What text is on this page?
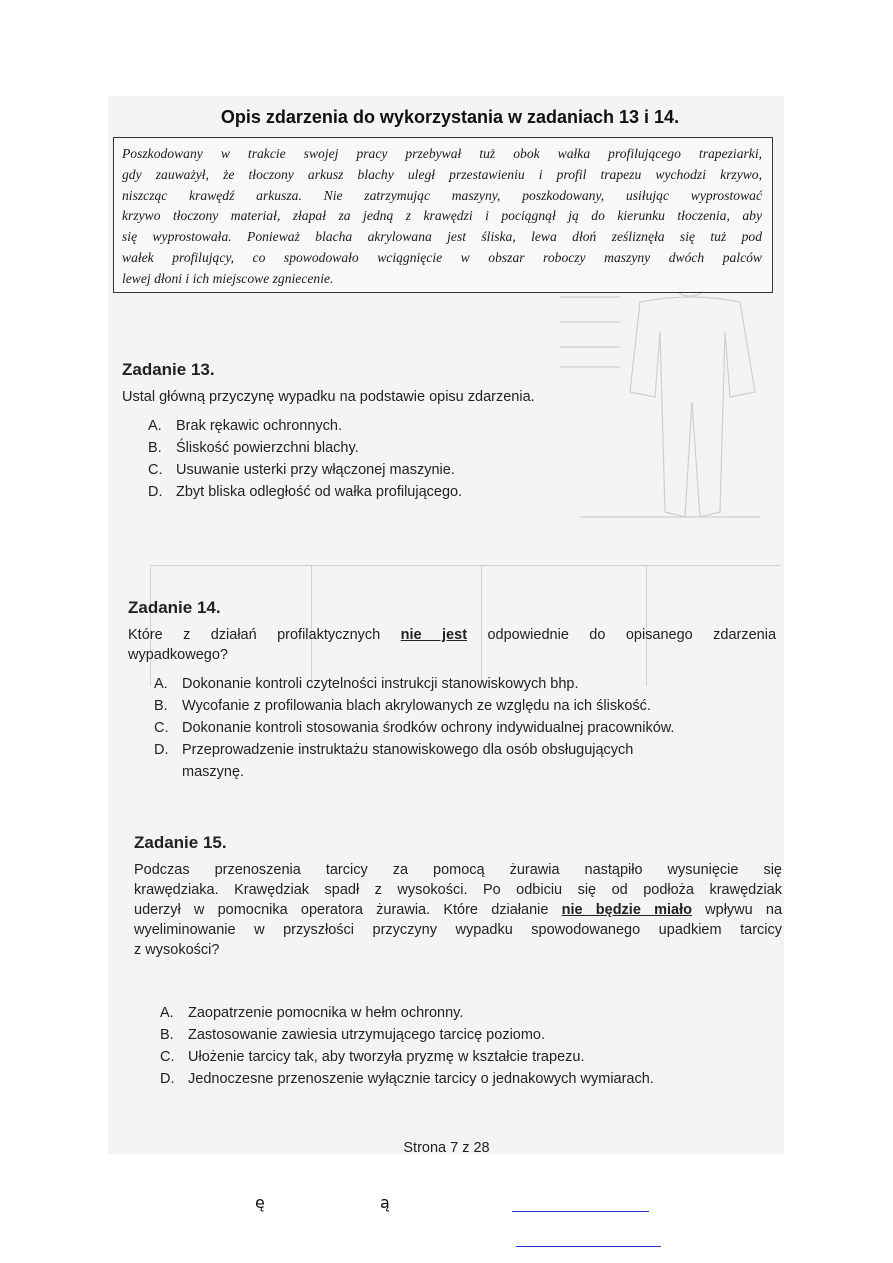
Opis zdarzenia do wykorzystania w zadaniach 13 i 14.
Poszkodowany w trakcie swojej pracy przebywał tuż obok wałka profilującego trapeziarki,
gdy zauważył, że tłoczony arkusz blachy uległ przestawieniu i profil trapezu wychodzi krzywo,
niszcząc krawędź arkusza. Nie zatrzymując maszyny, poszkodowany, usiłując wyprostować
krzywo tłoczony materiał, złapał za jedną z krawędzi i pociągnął ją do kierunku tłoczenia, aby
się wyprostowała. Ponieważ blacha akrylowana jest śliska, lewa dłoń ześliznęła się tuż pod
wałek profilujący, co spowodowało wciągnięcie w obszar roboczy maszyny dwóch palców
lewej dłoni i ich miejscowe zgniecenie.
Zadanie 13.
Ustal główną przyczynę wypadku na podstawie opisu zdarzenia.
A. Brak rękawic ochronnych.
B. Śliskość powierzchni blachy.
C. Usuwanie usterki przy włączonej maszynie.
D. Zbyt bliska odległość od wałka profilującego.
Zadanie 14.
Które z działań profilaktycznych nie jest odpowiednie do opisanego zdarzenia
wypadkowego?
A. Dokonanie kontroli czytelności instrukcji stanowiskowych bhp.
B. Wycofanie z profilowania blach akrylowanych ze względu na ich śliskość.
C. Dokonanie kontroli stosowania środków ochrony indywidualnej pracowników.
D. Przeprowadzenie instruktażu stanowiskowego dla osób obsługujących
maszynę.
Zadanie 15.
Podczas przenoszenia tarcicy za pomocą żurawia nastąpiło wysunięcie się
krawędziaka. Krawędziak spadł z wysokości. Po odbiciu się od podłoża krawędziak
uderzył w pomocnika operatora żurawia. Które działanie nie będzie miało wpływu na
wyeliminowanie w przyszłości przyczyny wypadku spowodowanego upadkiem tarcicy
z wysokości?
A. Zaopatrzenie pomocnika w hełm ochronny.
B. Zastosowanie zawiesia utrzymującego tarcicę poziomo.
C. Ułożenie tarcicy tak, aby tworzyła pryzmę w kształcie trapezu.
D. Jednoczesne przenoszenie wyłącznie tarcicy o jednakowych wymiarach.
Strona 7 z 28
ę	ą
